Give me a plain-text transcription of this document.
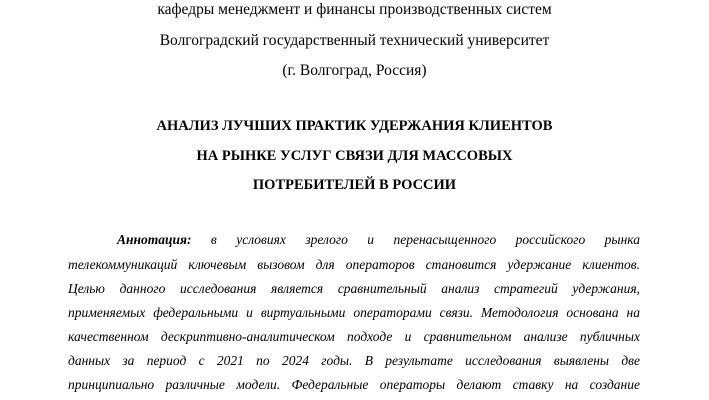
кафедры менеджмент и финансы производственных систем
Волгоградский государственный технический университет
(г. Волгоград, Россия)
АНАЛИЗ ЛУЧШИХ ПРАКТИК УДЕРЖАНИЯ КЛИЕНТОВ
НА РЫНКЕ УСЛУГ СВЯЗИ ДЛЯ МАССОВЫХ
ПОТРЕБИТЕЛЕЙ В РОССИИ
Аннотация: в условиях зрелого и перенасыщенного российского рынка
телекоммуникаций ключевым вызовом для операторов становится удержание клиентов.
Целью данного исследования является сравнительный анализ стратегий удержания,
применяемых федеральными и виртуальными операторами связи. Методология основана на
качественном дескриптивно-аналитическом подходе и сравнительном анализе публичных
данных за период с 2021 по 2024 годы. В результате исследования выявлены две
принципиально различные модели. Федеральные операторы делают ставку на создание
